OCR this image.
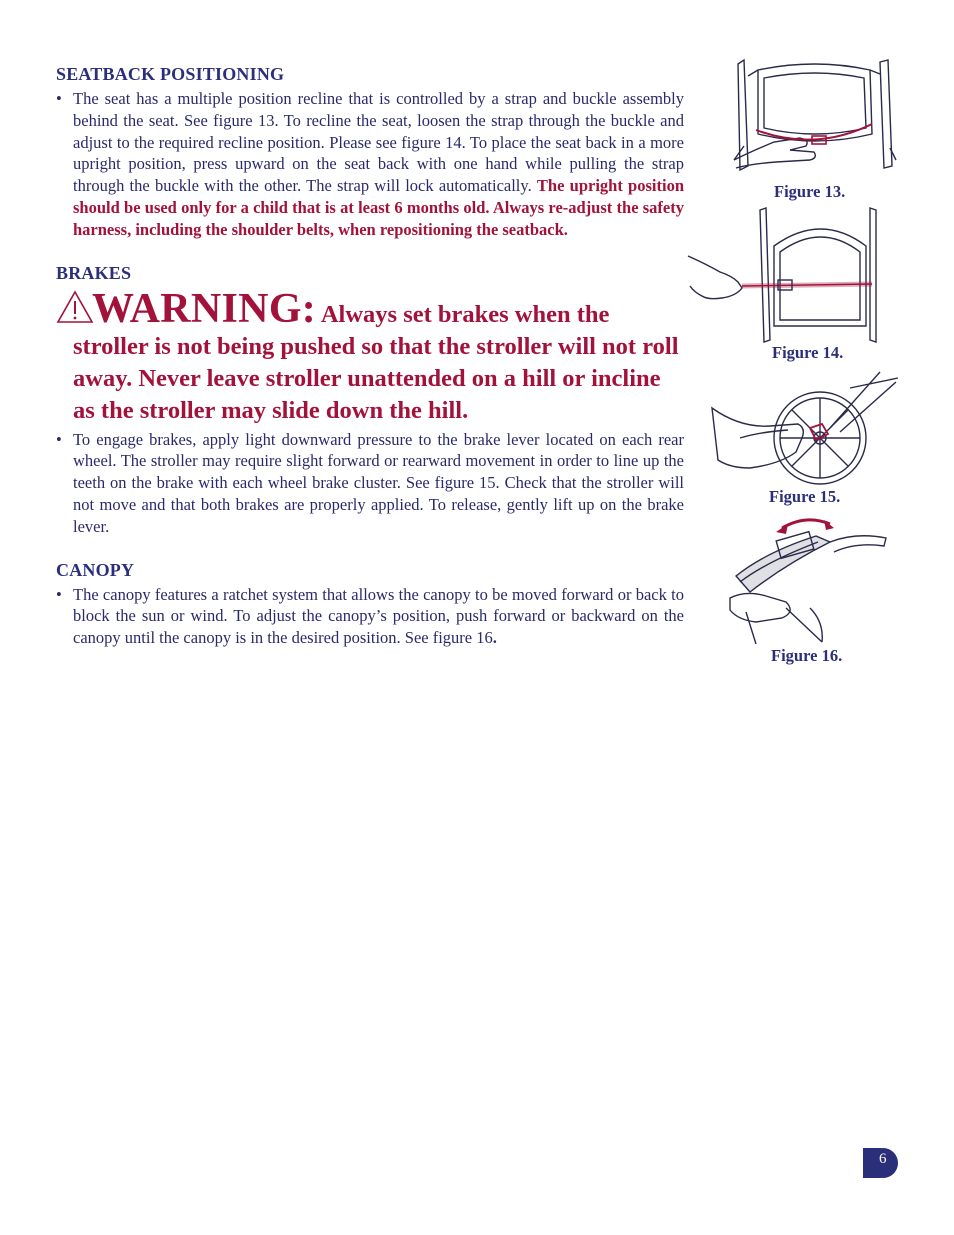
SEATBACK POSITIONING
• The seat has a multiple position recline that is controlled by a strap and buckle assembly behind the seat. See figure 13. To recline the seat, loosen the strap through the buckle and adjust to the required recline position. Please see figure 14. To place the seat back in a more upright position, press upward on the seat back with one hand while pulling the strap through the buckle with the other. The strap will lock automatically. The upright position should be used only for a child that is at least 6 months old. Always re-adjust the safety harness, including the shoulder belts, when repositioning the seatback.
BRAKES
WARNING: Always set brakes when the
stroller is not being pushed so that the stroller will not roll away. Never leave stroller unattended on a hill or incline as the stroller may slide down the hill.
• To engage brakes, apply light downward pressure to the brake lever located on each rear wheel. The stroller may require slight forward or rearward movement in order to line up the teeth on the brake with each wheel brake cluster. See figure 15. Check that the stroller will not move and that both brakes are properly applied. To release, gently lift up on the brake lever.
CANOPY
• The canopy features a ratchet system that allows the canopy to be moved forward or back to block the sun or wind. To adjust the canopy’s position, push forward or backward on the canopy until the canopy is in the desired position. See figure 16.
Figure 13.
Figure 14.
Figure 15.
Figure 16.
6
